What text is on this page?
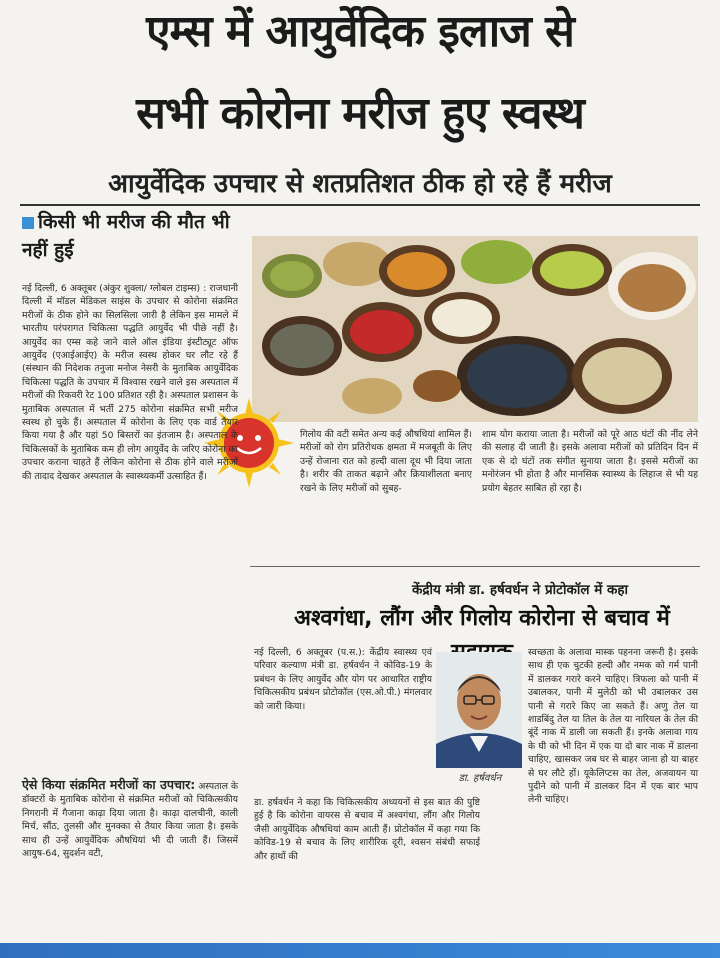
एम्स में आयुर्वेदिक इलाज से
सभी कोरोना मरीज हुए स्वस्थ
आयुर्वेदिक उपचार से शतप्रतिशत ठीक हो रहे हैं मरीज
किसी भी मरीज की मौत भी नहीं हुई

नई दिल्ली, 6 अक्तूबर (अंकुर शुक्ला/ ग्लोबल टाइम्स) : राजधानी दिल्ली में मॉडल मेडिकल साइंस के उपचार से कोरोना संक्रमित मरीजों के ठीक होने का सिलसिला जारी है लेकिन इस मामले में भारतीय परंपरागत चिकित्सा पद्धति आयुर्वेद भी पीछे नहीं है। आयुर्वेद का एम्स कहे जाने वाले ऑल इंडिया इंस्टीट्यूट ऑफ आयुर्वेद (एआईआईए) के मरीज स्वस्थ होकर घर लौट रहे हैं (संस्थान की निदेशक तनुजा मनोज नेसरी के मुताबिक आयुर्वेदिक चिकित्सा पद्धति के उपचार में विश्वास रखने वाले इस अस्पताल में मरीजों की रिकवरी रेट 100 प्रतिशत रही है। अस्पताल प्रशासन के मुताबिक अस्पताल में भर्ती 275 कोरोना संक्रमित सभी मरीज स्वस्थ हो चुके हैं। अस्पताल में कोरोना के लिए एक वार्ड तैयार किया गया है और यहां 50 बिस्तरों का इंतजाम है। अस्पताल के चिकित्सकों के मुताबिक कम ही लोग आयुर्वेद के जरिए कोरोना का उपचार कराना चाहते हैं लेकिन कोरोना से ठीक होने वाले मरीजों की तादाद देखकर अस्पताल के स्वास्थ्यकर्मी उत्साहित हैं।

ऐसे किया संक्रमित मरीजों का उपचार: अस्पताल के डॉक्टरों के मुताबिक कोरोना से संक्रमित मरीजों को चिकित्सकीय निगरानी में गैजाना काढ़ा दिया जाता है। काढ़ा दालचीनी, काली मिर्च, सौंठ, तुलसी और मुनक्का से तैयार किया जाता है। इसके साथ ही उन्हें आयुर्वेदिक औषधियां भी दी जाती हैं। जिसमें आयुष-64, सुदर्शन वटी,

गिलोय की वटी समेत अन्य कई औषधियां शामिल हैं। मरीजों को रोग प्रतिरोधक क्षमता में मजबूती के लिए उन्हें रोजाना रात को हल्दी वाला दूध भी दिया जाता है। शरीर की ताकत बढ़ाने और क्रियाशीलता बनाए रखने के लिए मरीजों को सुबह-

शाम योग कराया जाता है। मरीजों को पूरे आठ घंटों की नींद लेने की सलाह दी जाती है। इसके अलावा मरीजों को प्रतिदिन दिन में एक से दो घंटों तक संगीत सुनाया जाता है। इससे मरीजों का मनोरंजन भी होता है और मानसिक स्वास्थ्य के लिहाज से भी यह प्रयोग बेहतर साबित हो रहा है।

केंद्रीय मंत्री डा. हर्षवर्धन ने प्रोटोकॉल में कहा
अश्वगंधा, लौंग और गिलोय कोरोना से बचाव में

नई दिल्ली, 6 अक्तूबर (प.स.): केंद्रीय स्वास्थ्य एवं परिवार कल्याण मंत्री डा. हर्षवर्धन ने कोविड-19 के प्रबंधन के लिए आयुर्वेद और योग पर आधारित राष्ट्रीय चिकित्सकीय प्रबंधन प्रोटोकॉल (एस.ओ.पी.) मंगलवार को जारी किया।

डा. हर्षवर्धन ने कहा कि चिकित्सकीय अध्ययनों से इस बात की पुष्टि हुई है कि कोरोना वायरस से बचाव में अश्वगंधा, लौंग और गिलोय जैसी आयुर्वेदिक औषधियां काम आती हैं। प्रोटोकॉल में कहा गया कि कोविड-19 से बचाव के लिए शारीरिक दूरी, श्वसन संबंधी सफाई और हाथों की

डा. हर्षवर्धन

स्वच्छता के अलावा मास्क पहनना जरूरी है। इसके साथ ही एक चुटकी हल्दी और नमक को गर्म पानी में डालकर गरारे करने चाहिए। त्रिफला को पानी में उबालकर, पानी में मुलेठी को भी उबालकर उस पानी से गरारे किए जा सकते हैं। अणु तेल या शाडबिंदु तेल या तिल के तेल या नारियल के तेल की बूंदें नाक में डाली जा सकती हैं। इनके अलावा गाय के घी को भी दिन में एक या दो बार नाक में डालना चाहिए, खासकर जब घर से बाहर जाना हो या बाहर से घर लौटे हों। यूकेलिप्टस का तेल, अजवायन या पुदीने को पानी में डालकर दिन में एक बार भाप लेनी चाहिए।
